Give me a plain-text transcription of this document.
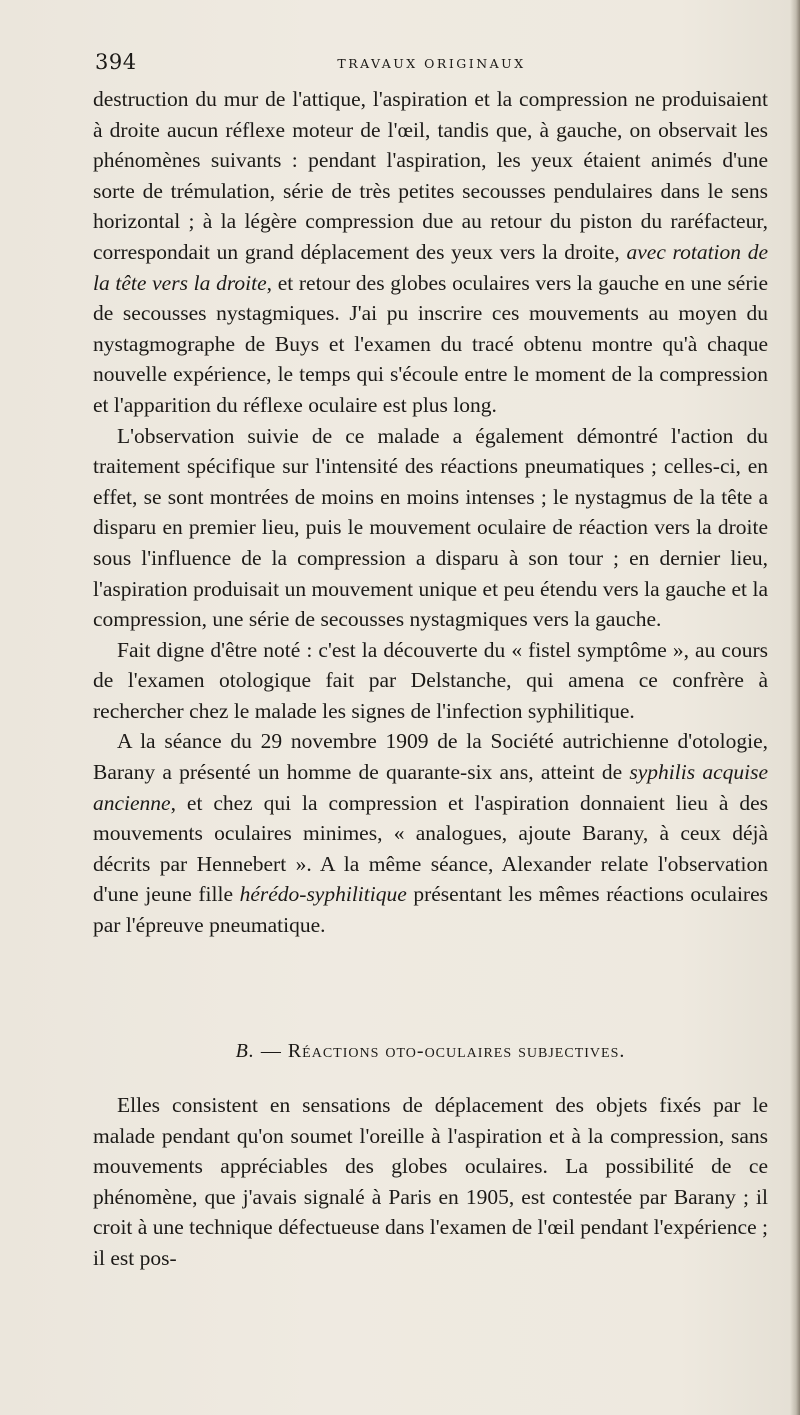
394	TRAVAUX ORIGINAUX

destruction du mur de l'attique, l'aspiration et la compression ne produisaient à droite aucun réflexe moteur de l'œil, tandis que, à gauche, on observait les phénomènes suivants : pendant l'aspiration, les yeux étaient animés d'une sorte de trémulation, série de très petites secousses pendulaires dans le sens horizontal ; à la légère compression due au retour du piston du raréfacteur, correspondait un grand déplacement des yeux vers la droite, avec rotation de la tête vers la droite, et retour des globes oculaires vers la gauche en une série de secousses nystagmiques. J'ai pu inscrire ces mouvements au moyen du nystagmographe de Buys et l'examen du tracé obtenu montre qu'à chaque nouvelle expérience, le temps qui s'écoule entre le moment de la compression et l'apparition du réflexe oculaire est plus long.

L'observation suivie de ce malade a également démontré l'action du traitement spécifique sur l'intensité des réactions pneumatiques ; celles-ci, en effet, se sont montrées de moins en moins intenses ; le nystagmus de la tête a disparu en premier lieu, puis le mouvement oculaire de réaction vers la droite sous l'influence de la compression a disparu à son tour ; en dernier lieu, l'aspiration produisait un mouvement unique et peu étendu vers la gauche et la compression, une série de secousses nystagmiques vers la gauche.

Fait digne d'être noté : c'est la découverte du « fistel symptôme », au cours de l'examen otologique fait par Delstanche, qui amena ce confrère à rechercher chez le malade les signes de l'infection syphilitique.

A la séance du 29 novembre 1909 de la Société autrichienne d'otologie, Barany a présenté un homme de quarante-six ans, atteint de syphilis acquise ancienne, et chez qui la compression et l'aspiration donnaient lieu à des mouvements oculaires minimes, « analogues, ajoute Barany, à ceux déjà décrits par Hennebert ». A la même séance, Alexander relate l'observation d'une jeune fille hérédo-syphilitique présentant les mêmes réactions oculaires par l'épreuve pneumatique.

B. — Réactions oto-oculaires subjectives.

Elles consistent en sensations de déplacement des objets fixés par le malade pendant qu'on soumet l'oreille à l'aspiration et à la compression, sans mouvements appréciables des globes oculaires. La possibilité de ce phénomène, que j'avais signalé à Paris en 1905, est contestée par Barany ; il croit à une technique défectueuse dans l'examen de l'œil pendant l'expérience ; il est pos-
